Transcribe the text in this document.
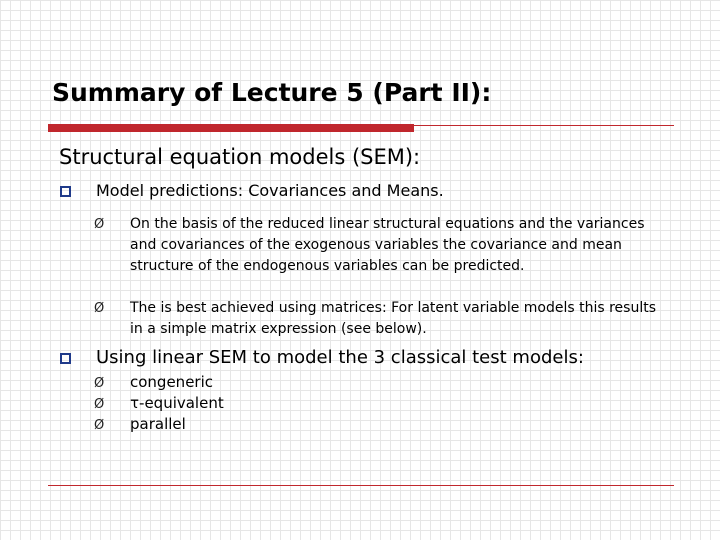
Summary of Lecture 5 (Part II):
Structural equation models (SEM):
Model predictions: Covariances and Means.
Ø On the basis of the reduced linear structural equations and the variances and covariances of the exogenous variables the covariance and mean structure of the endogenous variables can be predicted.
Ø The is best achieved using matrices: For latent variable models this results in a simple matrix expression (see below).
Using linear SEM to model the 3 classical test models:
Ø congeneric
Ø τ-equivalent
Ø parallel
